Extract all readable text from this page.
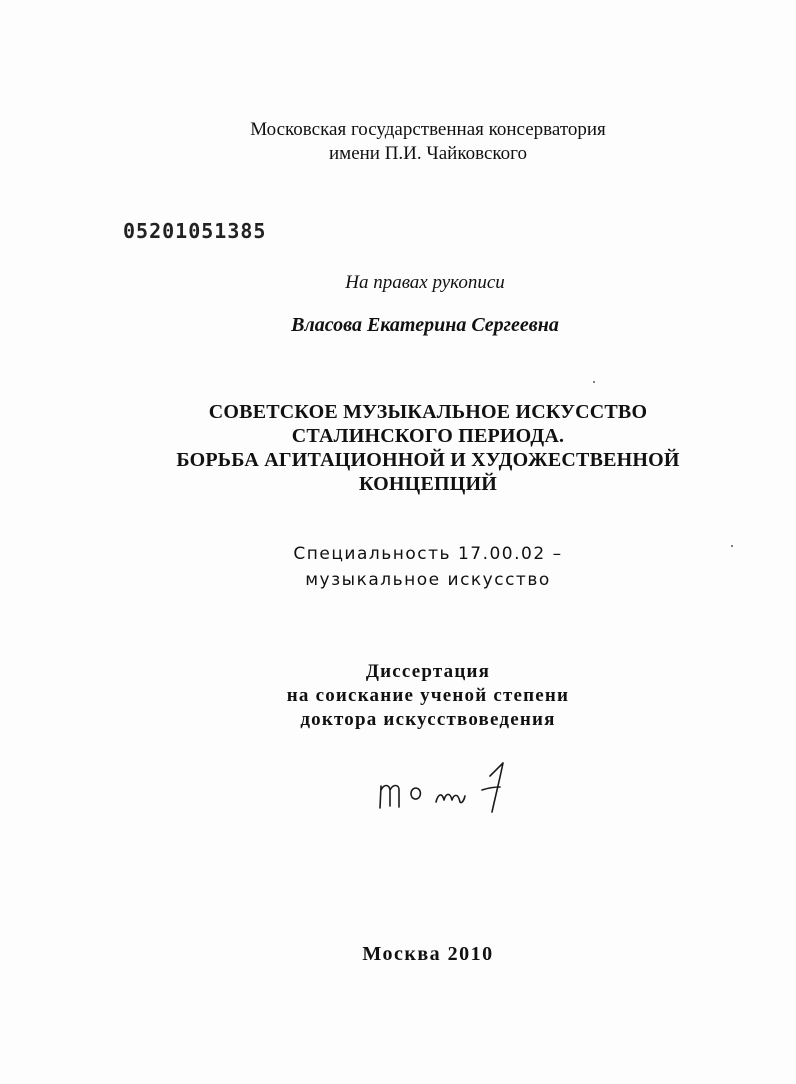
Московская государственная консерватория
имени П.И. Чайковского
05201051385
На правах рукописи
Власова Екатерина Сергеевна
СОВЕТСКОЕ МУЗЫКАЛЬНОЕ ИСКУССТВО
СТАЛИНСКОГО ПЕРИОДА.
БОРЬБА АГИТАЦИОННОЙ И ХУДОЖЕСТВЕННОЙ
КОНЦЕПЦИЙ
Специальность 17.00.02 –
музыкальное искусство
Диссертация
на соискание ученой степени
доктора искусствоведения
Москва 2010
